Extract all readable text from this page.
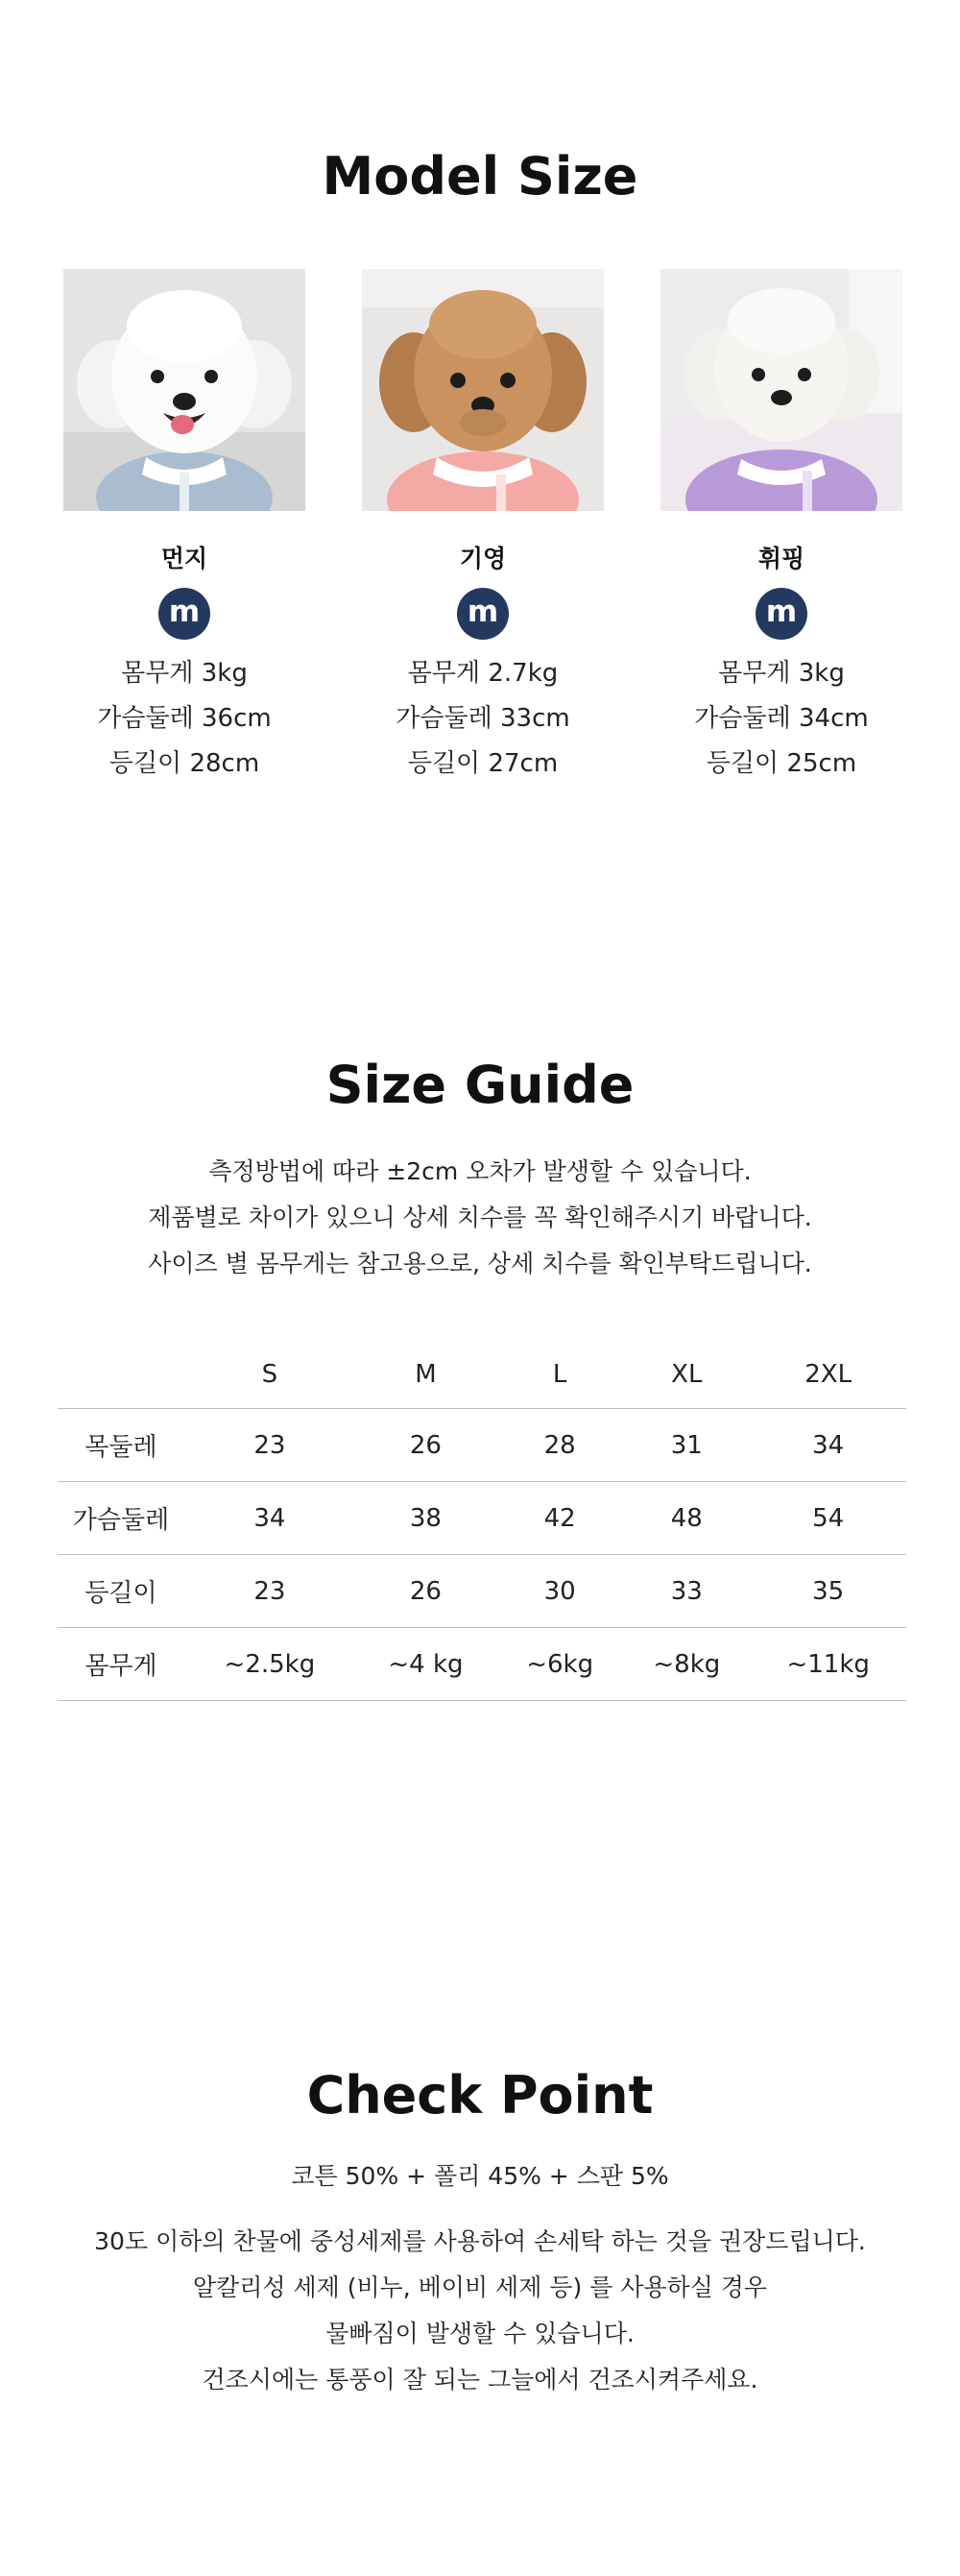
Model Size
먼지
m
몸무게 3kg
가슴둘레 36cm
등길이 28cm
기영
m
몸무게 2.7kg
가슴둘레 33cm
등길이 27cm
휘핑
m
몸무게 3kg
가슴둘레 34cm
등길이 25cm
Size Guide
측정방법에 따라 ±2cm 오차가 발생할 수 있습니다.
제품별로 차이가 있으니 상세 치수를 꼭 확인해주시기 바랍니다.
사이즈 별 몸무게는 참고용으로, 상세 치수를 확인부탁드립니다.
	S	M	L	XL	2XL
목둘레	23	26	28	31	34
가슴둘레	34	38	42	48	54
등길이	23	26	30	33	35
몸무게	~2.5kg	~4 kg	~6kg	~8kg	~11kg
Check Point
코튼 50% + 폴리 45% + 스판 5%
30도 이하의 찬물에 중성세제를 사용하여 손세탁 하는 것을 권장드립니다.
알칼리성 세제 (비누, 베이비 세제 등) 를 사용하실 경우
물빠짐이 발생할 수 있습니다.
건조시에는 통풍이 잘 되는 그늘에서 건조시켜주세요.
